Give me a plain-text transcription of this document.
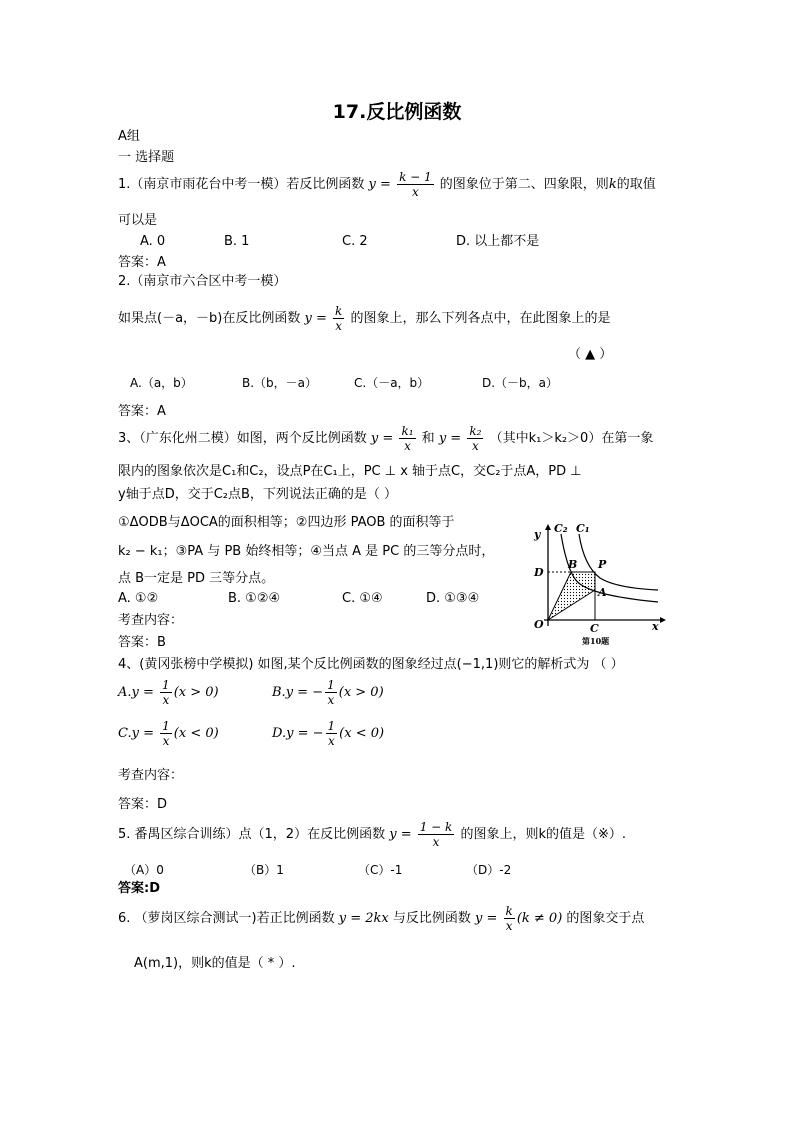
17.反比例函数
A组
一 选择题
1.（南京市雨花台中考一模）若反比例函数 $y = \frac{k - 1}{x}$ 的图象位于第二、四象限，则k的取值
可以是
A. 0	B. 1	C. 2	D. 以上都不是
答案：A
2.（南京市六合区中考一模）
如果点(－a，－b)在反比例函数 $y = \frac{k}{x}$ 的图象上，那么下列各点中，在此图象上的是
（ ▲ ）
A.（a，b）	B.（b，－a）	C.（－a，b）	D.（－b，a）
答案：A
3、（广东化州二模）如图，两个反比例函数 $y = \frac{\text{k₁}}{x}$ 和 $y = \frac{\text{k₂}}{x}$ （其中k₁＞k₂＞0）在第一象
限内的图象依次是C₁和C₂，设点P在C₁上，PC ⊥ x 轴于点C，交C₂于点A，PD ⊥
y轴于点D，交于C₂点B，下列说法正确的是（ ）
①ΔODB与ΔOCA的面积相等；②四边形 PAOB 的面积等于
k₂ − k₁；③PA 与 PB 始终相等；④当点 A 是 PC 的三等分点时，
点 B一定是 PD 三等分点。
A. ①②	B. ①②④	C. ①④	D. ①③④
考查内容：
答案：B
C₂ C₁
y
D
B P
A
O	C	x
第10题
4、(黄冈张榜中学模拟) 如图,某个反比例函数的图象经过点(−1,1)则它的解析式为 （ ）
$A.y = \frac{1}{x} (x > 0)$	B.y = − $\frac{1}{x} (x > 0)$
$C.y = \frac{1}{x} (x < 0)$	D.y = − $\frac{1}{x} (x < 0)$
考查内容：
答案：D
5. 番禺区综合训练）点（1，2）在反比例函数 $y = \frac{1 - k}{x}$ 的图象上，则k的值是（※）.
（A）0	（B）1	（C）-1	（D）-2
答案:D
6. （萝岗区综合测试一)若正比例函数 y = 2kx 与反比例函数 $y = \frac{k}{x} (k \ne 0)$ 的图象交于点
A(m,1)，则k的值是（ * ）.
